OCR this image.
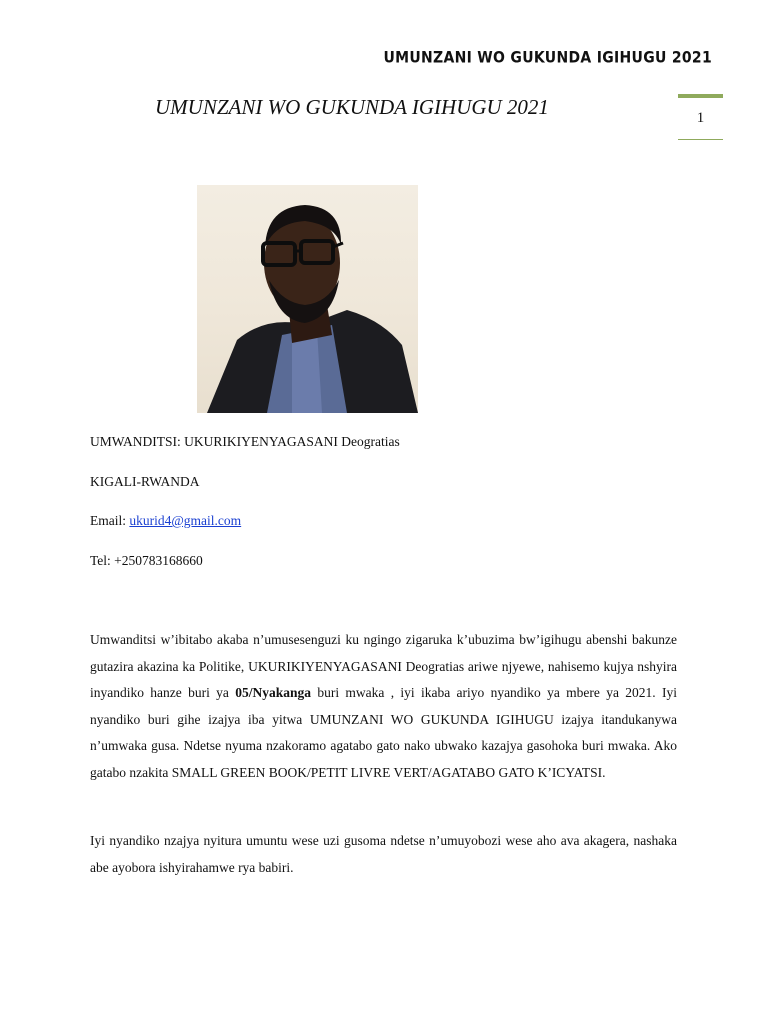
UMUNZANI WO GUKUNDA IGIHUGU 2021
1
UMUNZANI WO GUKUNDA IGIHUGU 2021
UMWANDITSI: UKURIKIYENYAGASANI Deogratias
KIGALI-RWANDA
Email: ukurid4@gmail.com
Tel: +250783168660

Umwanditsi w’ibitabo akaba n’umusesenguzi ku ngingo zigaruka k’ubuzima bw’igihugu abenshi bakunze gutazira akazina ka Politike, UKURIKIYENYAGASANI Deogratias ariwe njyewe, nahisemo kujya nshyira inyandiko hanze buri ya 05/Nyakanga buri mwaka , iyi ikaba ariyo nyandiko ya mbere ya 2021. Iyi nyandiko buri gihe izajya iba yitwa UMUNZANI WO GUKUNDA IGIHUGU izajya itandukanywa n’umwaka gusa. Ndetse nyuma nzakoramo agatabo gato nako ubwako kazajya gasohoka buri mwaka. Ako gatabo nzakita SMALL GREEN BOOK/PETIT LIVRE VERT/AGATABO GATO K’ICYATSI.

Iyi nyandiko nzajya nyitura umuntu wese uzi gusoma ndetse n’umuyobozi wese aho ava akagera, nashaka abe ayobora ishyirahamwe rya babiri.
